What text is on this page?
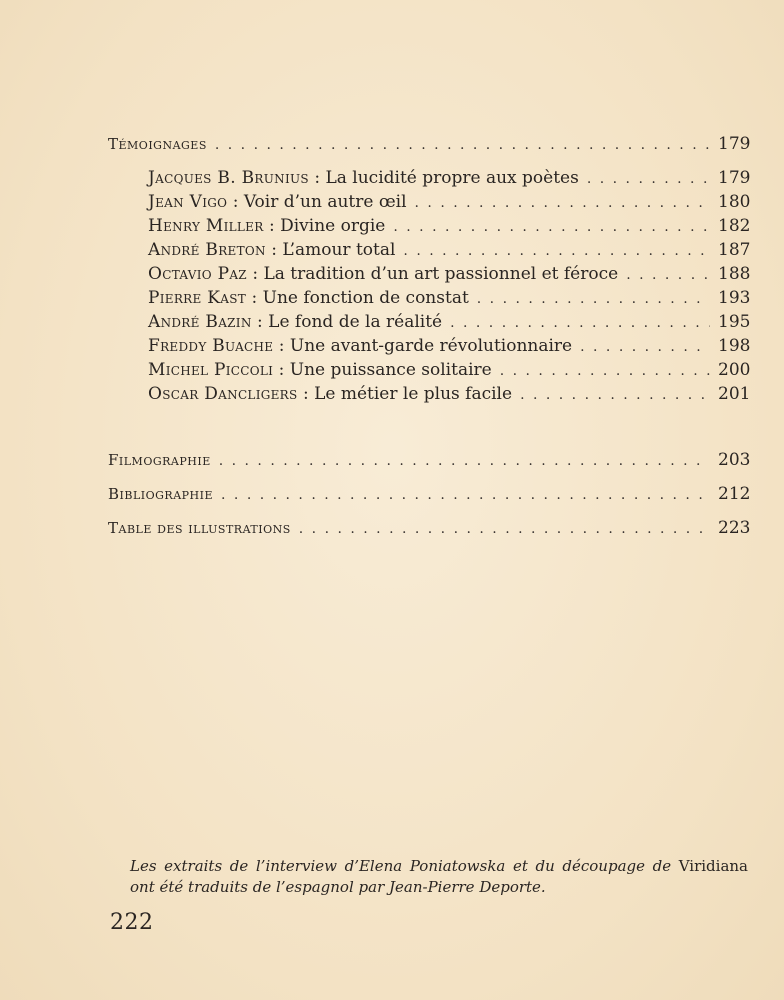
Témoignages . . .	179
Jacques B. Brunius : La lucidité propre aux poètes . . .	179
Jean Vigo : Voir d’un autre œil . . .	180
Henry Miller : Divine orgie . . .	182
André Breton : L’amour total . . .	187
Octavio Paz : La tradition d’un art passionnel et féroce . . .	188
Pierre Kast : Une fonction de constat . . .	193
André Bazin : Le fond de la réalité . . .	195
Freddy Buache : Une avant-garde révolutionnaire . . .	198
Michel Piccoli : Une puissance solitaire . . .	200
Oscar Dancligers : Le métier le plus facile . . .	201
Filmographie . . .	203
Bibliographie . . .	212
Table des illustrations . . .	223
Les extraits de l’interview d’Elena Poniatowska et du découpage de Viridiana ont été traduits de l’espagnol par Jean-Pierre Deporte.
222
